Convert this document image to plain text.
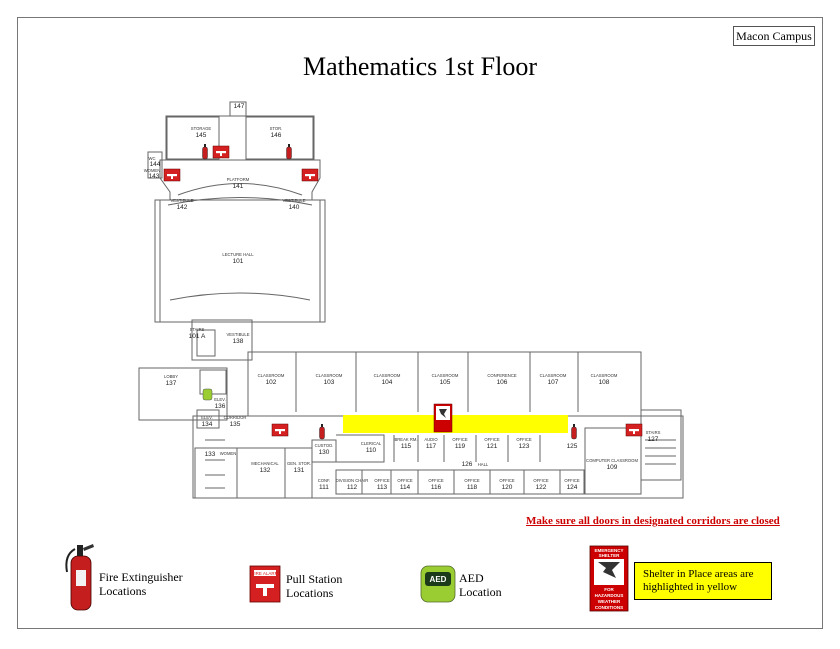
Macon Campus
Mathematics 1st Floor
147
STORAGE
145
STOR.
146
WC
144
WOMEN
143	PLATFORM
141
VESTIBULE
142
VESTIBULE
140
LECTURE HALL
101
STAIRS
101 A	VESTIBULE
138
LOBBY
137
ELEV.
136
ELEV.
134
CORRIDOR
135
CLASSROOM
102
CLASSROOM
103
CLASSROOM
104
CLASSROOM
105
CONFERENCE
106
CLASSROOM
107
CLASSROOM
108
WOMEN
133
MECHANICAL
132
GEN. STOR.
131
CUSTOD.
130
CLERICAL
110
BREAK RM.
115
AUDIO
117
OFFICE
119
OFFICE
121
OFFICE
123	125
126 HALL
COMPUTER CLASSROOM
109
STAIRS
127
CONF.
111
DIVISION CHAIR
112
OFFICE
113
OFFICE
114
OFFICE
116
OFFICE
118
OFFICE
120
OFFICE
122
OFFICE
124
FIRE ALARM
AED
EMERGENCY
SHELTER
FOR
HAZARDOUS
WEATHER
CONDITIONS
Make sure all doors in designated corridors are closed
Fire Extinguisher Locations
Pull Station Locations
AED Location
Shelter in Place areas are highlighted in yellow
